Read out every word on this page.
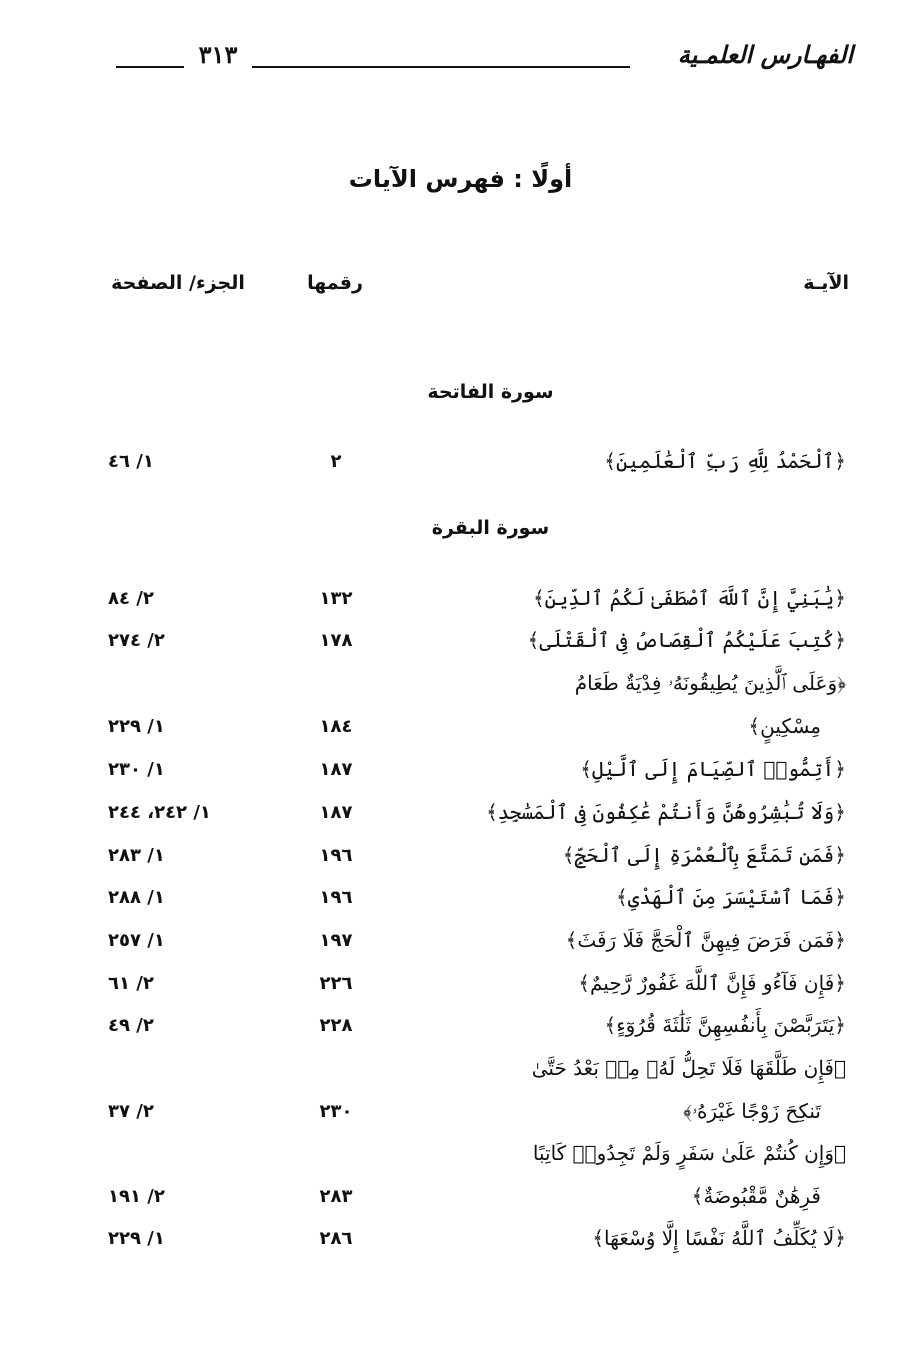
الفهـارس العلمـية
٣١٣
أولًا : فهرس الآيات
الآيـة
رقمها
الجزء/ الصفحة
سورة الفاتحة
﴿ٱلْحَمْدُ لِلَّهِ رَبِّ ٱلْعَٰلَمِينَ﴾
٢
١/ ٤٦
سورة البقرة
﴿يَٰبَنِيَّ إِنَّ ٱللَّهَ ٱصْطَفَىٰ لَكُمُ ٱلدِّينَ﴾
١٣٢
٢/ ٨٤
﴿كُتِبَ عَلَيْكُمُ ٱلْقِصَاصُ فِى ٱلْقَتْلَى﴾
١٧٨
٢/ ٢٧٤
﴿وَعَلَى ٱلَّذِينَ يُطِيقُونَهُۥ فِدْيَةٌ طَعَامُ
مِسْكِينٍ﴾
١٨٤
١/ ٢٢٩
﴿أَتِمُّوا۟ ٱلصِّيَامَ إِلَى ٱلَّيْلِ﴾
١٨٧
١/ ٢٣٠
﴿وَلَا تُبَٰشِرُوهُنَّ وَأَنتُمْ عَٰكِفُونَ فِى ٱلْمَسَٰجِدِ﴾
١٨٧
١/ ٢٤٢، ٢٤٤
﴿فَمَن تَمَتَّعَ بِٱلْعُمْرَةِ إِلَى ٱلْحَجِّ﴾
١٩٦
١/ ٢٨٣
﴿فَمَا ٱسْتَيْسَرَ مِنَ ٱلْهَدْىِ﴾
١٩٦
١/ ٢٨٨
﴿فَمَن فَرَضَ فِيهِنَّ ٱلْحَجَّ فَلَا رَفَثَ﴾
١٩٧
١/ ٢٥٧
﴿فَإِن فَآءُو فَإِنَّ ٱللَّهَ غَفُورٌ رَّحِيمٌ﴾
٢٢٦
٢/ ٦١
﴿يَتَرَبَّصْنَ بِأَنفُسِهِنَّ ثَلَٰثَةَ قُرُوٓءٍ﴾
٢٢٨
٢/ ٤٩
﴿فَإِن طَلَّقَهَا فَلَا تَحِلُّ لَهُۥ مِنۢ بَعْدُ حَتَّىٰ
تَنكِحَ زَوْجًا غَيْرَهُۥ﴾
٢٣٠
٢/ ٣٧
﴿وَإِن كُنتُمْ عَلَىٰ سَفَرٍ وَلَمْ تَجِدُوا۟ كَاتِبًا
فَرِهَٰنٌ مَّقْبُوضَةٌ﴾
٢٨٣
٢/ ١٩١
﴿لَا يُكَلِّفُ ٱللَّهُ نَفْسًا إِلَّا وُسْعَهَا﴾
٢٨٦
١/ ٢٢٩
